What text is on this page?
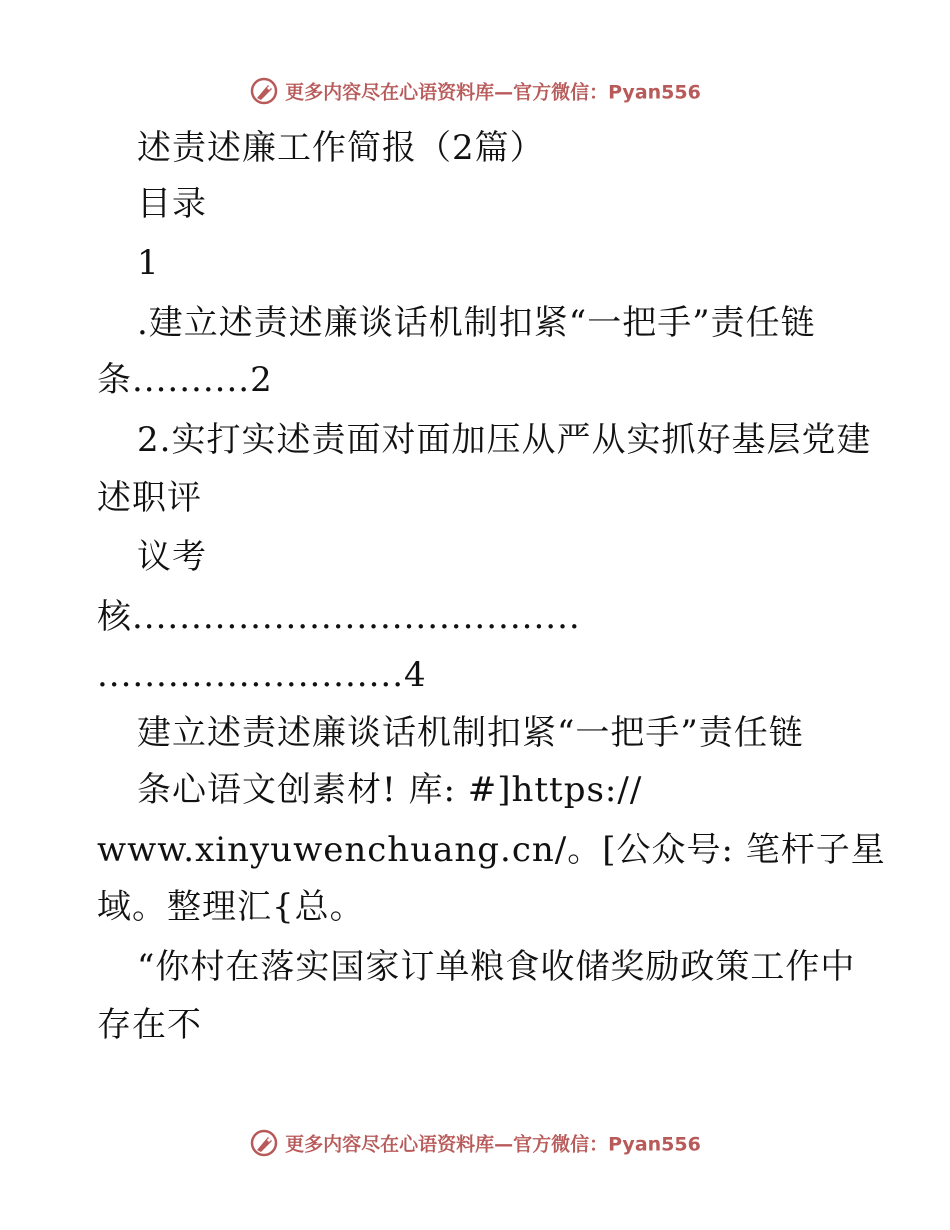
更多内容尽在心语资料库—官方微信：Pyan556
述责述廉工作简报（2篇）
目录
1
.建立述责述廉谈话机制扣紧“一把手”责任链
条..........2
2.实打实述责面对面加压从严从实抓好基层党建
述职评
议考
核......................................
..........................4
建立述责述廉谈话机制扣紧“一把手”责任链
条心语文创素材! 库: #]https://
www.xinyuwenchuang.cn/。[公众号: 笔杆子星
域。整理汇{总。
“你村在落实国家订单粮食收储奖励政策工作中
存在不
更多内容尽在心语资料库—官方微信：Pyan556
